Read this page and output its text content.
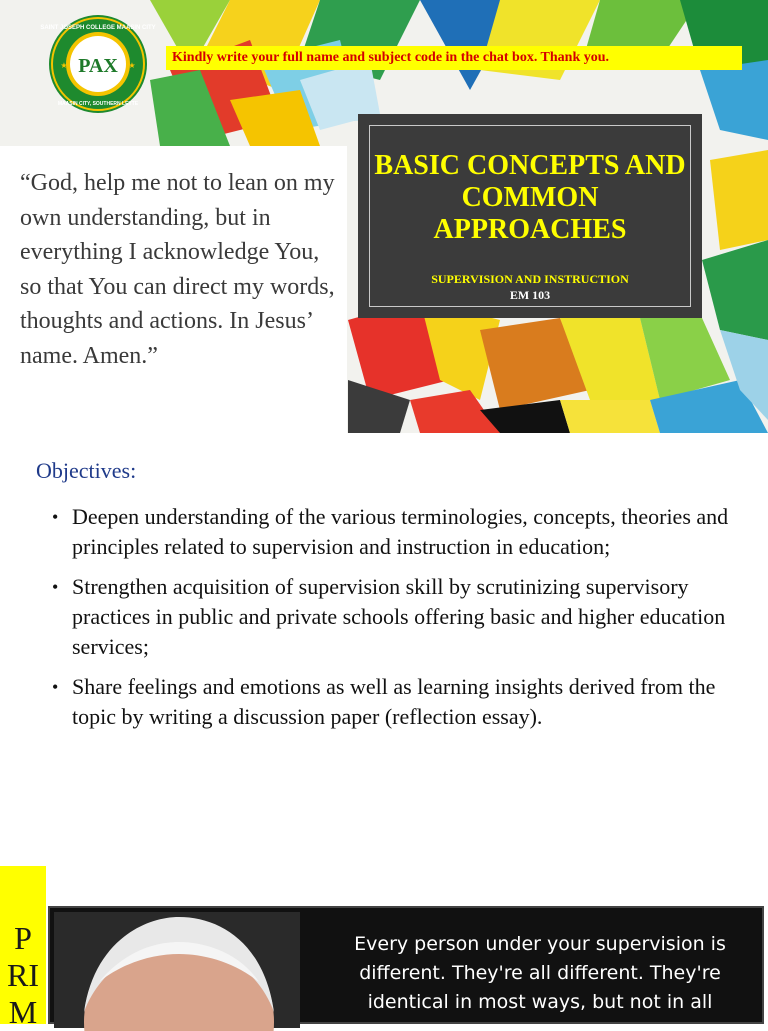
PAX
SAINT JOSEPH COLLEGE MAASIN CITY
MAASIN CITY, SOUTHERN LEYTE
★	★
Kindly write your full name and subject code in the chat box. Thank you.

“God, help me not to lean on my own understanding, but in everything I acknowledge You, so that You can direct my words, thoughts and actions. In Jesus’ name. Amen.”

BASIC CONCEPTS AND COMMON APPROACHES

SUPERVISION AND INSTRUCTION

EM 103

Objectives:
• Deepen understanding of the various terminologies, concepts, theories and principles related to supervision and instruction in education;
• Strengthen acquisition of supervision skill by scrutinizing supervisory practices in public and private schools offering basic and higher education services;
• Share feelings and emotions as well as learning insights derived from the topic by writing a discussion paper (reflection essay).

P
RI
M

Every person under your supervision is different. They're all different. They're identical in most ways, but not in all
